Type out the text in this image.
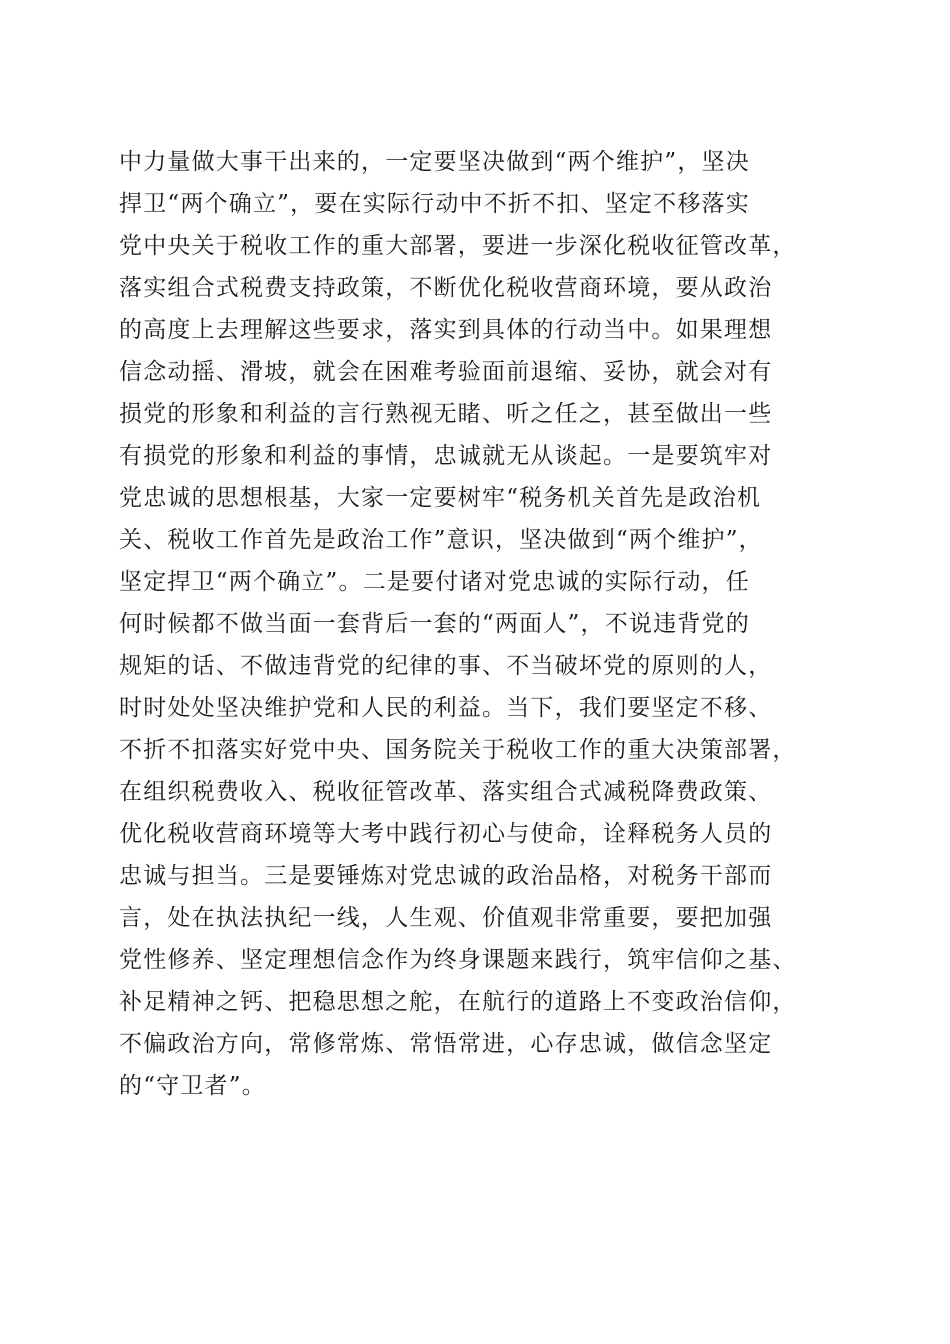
中力量做大事干出来的，一定要坚决做到“两个维护”，坚决
捍卫“两个确立”，要在实际行动中不折不扣、坚定不移落实
党中央关于税收工作的重大部署，要进一步深化税收征管改革，
落实组合式税费支持政策，不断优化税收营商环境，要从政治
的高度上去理解这些要求，落实到具体的行动当中。如果理想
信念动摇、滑坡，就会在困难考验面前退缩、妥协，就会对有
损党的形象和利益的言行熟视无睹、听之任之，甚至做出一些
有损党的形象和利益的事情，忠诚就无从谈起。一是要筑牢对
党忠诚的思想根基，大家一定要树牢“税务机关首先是政治机
关、税收工作首先是政治工作”意识，坚决做到“两个维护”，
坚定捍卫“两个确立”。二是要付诸对党忠诚的实际行动，任
何时候都不做当面一套背后一套的“两面人”，不说违背党的
规矩的话、不做违背党的纪律的事、不当破坏党的原则的人，
时时处处坚决维护党和人民的利益。当下，我们要坚定不移、
不折不扣落实好党中央、国务院关于税收工作的重大决策部署，
在组织税费收入、税收征管改革、落实组合式减税降费政策、
优化税收营商环境等大考中践行初心与使命，诠释税务人员的
忠诚与担当。三是要锤炼对党忠诚的政治品格，对税务干部而
言，处在执法执纪一线，人生观、价值观非常重要，要把加强
党性修养、坚定理想信念作为终身课题来践行，筑牢信仰之基、
补足精神之钙、把稳思想之舵，在航行的道路上不变政治信仰，
不偏政治方向，常修常炼、常悟常进，心存忠诚，做信念坚定
的“守卫者”。
